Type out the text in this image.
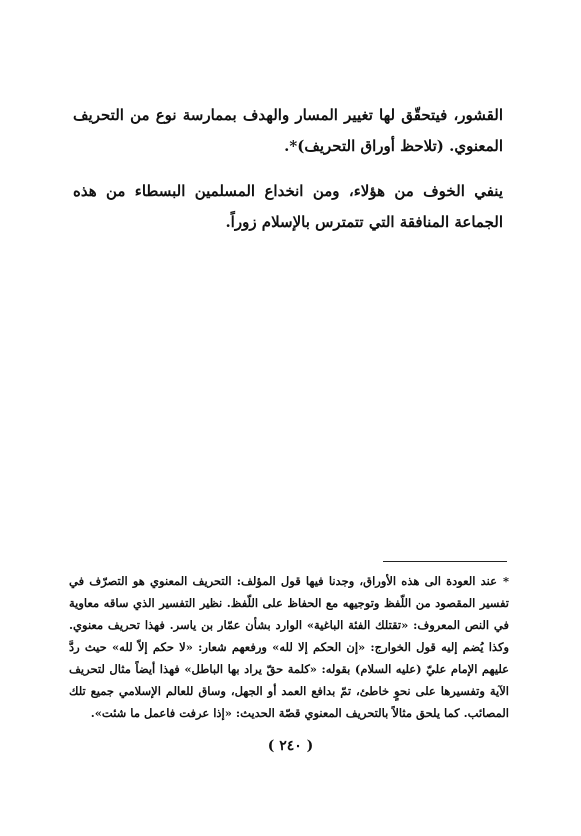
القشور، فيتحقّق لها تغيير المسار والهدف بممارسة نوع من التحريف المعنوي. (تلاحظ أوراق التحريف)*.

ينفي الخوف من هؤلاء، ومن انخداع المسلمين البسطاء من هذه الجماعة المنافقة التي تتمترس بالإسلام زوراً.

*عند العودة الى هذه الأوراق، وجدنا فيها قول المؤلف: التحريف المعنوي هو التصرّف في تفسير المقصود من اللّفظ وتوجيهه مع الحفاظ على اللّفظ. نظير التفسير الذي ساقه معاوية في النص المعروف: «تقتلك الفئة الباغية» الوارد بشأن عمّار بن ياسر. فهذا تحريف معنوي. وكذا يُضم إليه قول الخوارج: «إن الحكم إلا لله» ورفعهم شعار: «لا حكم إلاّ لله» حيث ردَّ عليهم الإمام عليّ (عليه السلام) بقوله: «كلمة حقّ يراد بها الباطل» فهذا أيضاً مثال لتحريف الآية وتفسيرها على نحوٍ خاطئ، تمّ بدافع العمد أو الجهل، وساق للعالم الإسلامي جميع تلك المصائب. كما يلحق مثالاً بالتحريف المعنوي قصّة الحديث: «إذا عرفت فاعمل ما شئت».

( ٢٤٠ )
